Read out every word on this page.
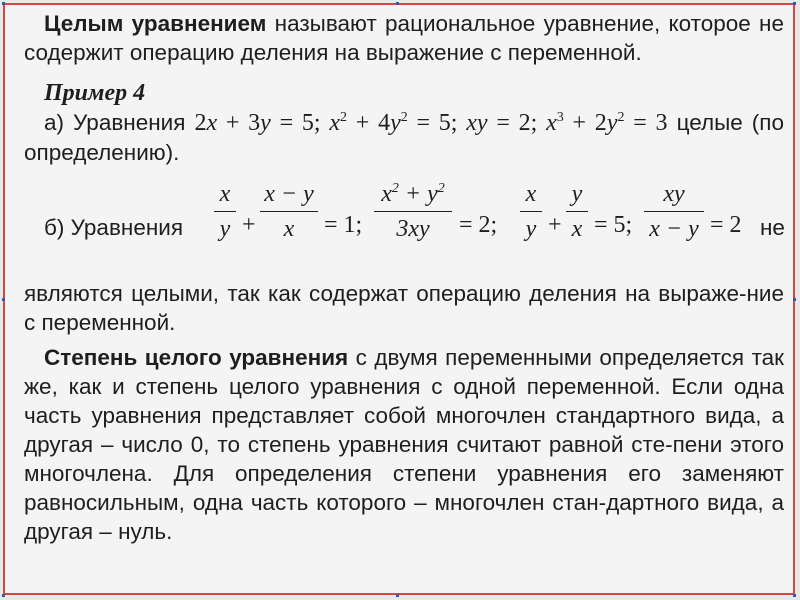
Целым уравнением называют рациональное уравнение, которое не содержит операцию деления на выражение с переменной.

Пример 4

а) Уравнения 2x + 3y = 5; $x^2 + 4y^2 = 5$; xy = 2; $x^3 + 2y^2 = 3$ целые (по определению).

б) Уравнения
x
y +
x − y
x	= 1;
$x^2 + y^2$
3xy	= 2;
x
y +
y
x = 5;
xy
x − y = 2 не

являются целыми, так как содержат операцию деления на выраже-ние с переменной.

Степень целого уравнения с двумя переменными определяется так же, как и степень целого уравнения с одной переменной. Если одна часть уравнения представляет собой многочлен стандартного вида, а другая – число 0, то степень уравнения считают равной сте-пени этого многочлена. Для определения степени уравнения его заменяют равносильным, одна часть которого – многочлен стан-дартного вида, а другая – нуль.
